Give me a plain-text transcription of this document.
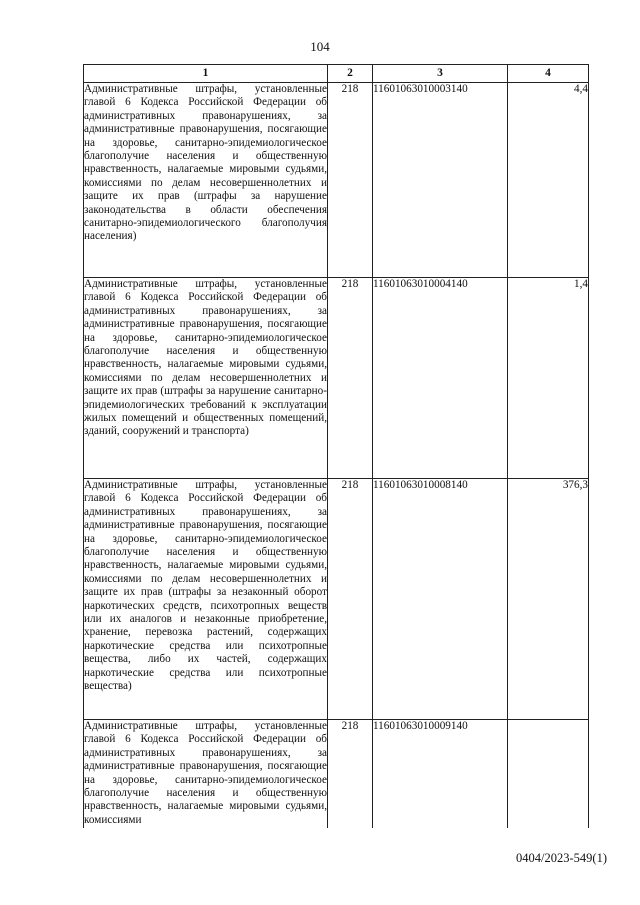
104
1	2	3	4
Административные штрафы, установленные главой 6 Кодекса Российской Федерации об административных правонарушениях, за административные правонарушения, посягающие на здоровье, санитарно-эпидемиологическое благополучие населения и общественную нравственность, налагаемые мировыми судьями, комиссиями по делам несовершеннолетних и защите их прав (штрафы за нарушение законодательства в области обеспечения санитарно-эпидемиологического благополучия населения)	218	11601063010003140	4,4
Административные штрафы, установленные главой 6 Кодекса Российской Федерации об административных правонарушениях, за административные правонарушения, посягающие на здоровье, санитарно-эпидемиологическое благополучие населения и общественную нравственность, налагаемые мировыми судьями, комиссиями по делам несовершеннолетних и защите их прав (штрафы за нарушение санитарно-эпидемиологических требований к эксплуатации жилых помещений и общественных помещений, зданий, сооружений и транспорта)	218	11601063010004140	1,4
Административные штрафы, установленные главой 6 Кодекса Российской Федерации об административных правонарушениях, за административные правонарушения, посягающие на здоровье, санитарно-эпидемиологическое благополучие населения и общественную нравственность, налагаемые мировыми судьями, комиссиями по делам несовершеннолетних и защите их прав (штрафы за незаконный оборот наркотических средств, психотропных веществ или их аналогов и незаконные приобретение, хранение, перевозка растений, содержащих наркотические средства или психотропные вещества, либо их частей, содержащих наркотические средства или психотропные вещества)	218	11601063010008140	376,3
Административные штрафы, установленные главой 6 Кодекса Российской Федерации об административных правонарушениях, за административные правонарушения, посягающие на здоровье, санитарно-эпидемиологическое благополучие населения и общественную нравственность, налагаемые мировыми судьями, комиссиями	218	11601063010009140	
0404/2023-549(1)
